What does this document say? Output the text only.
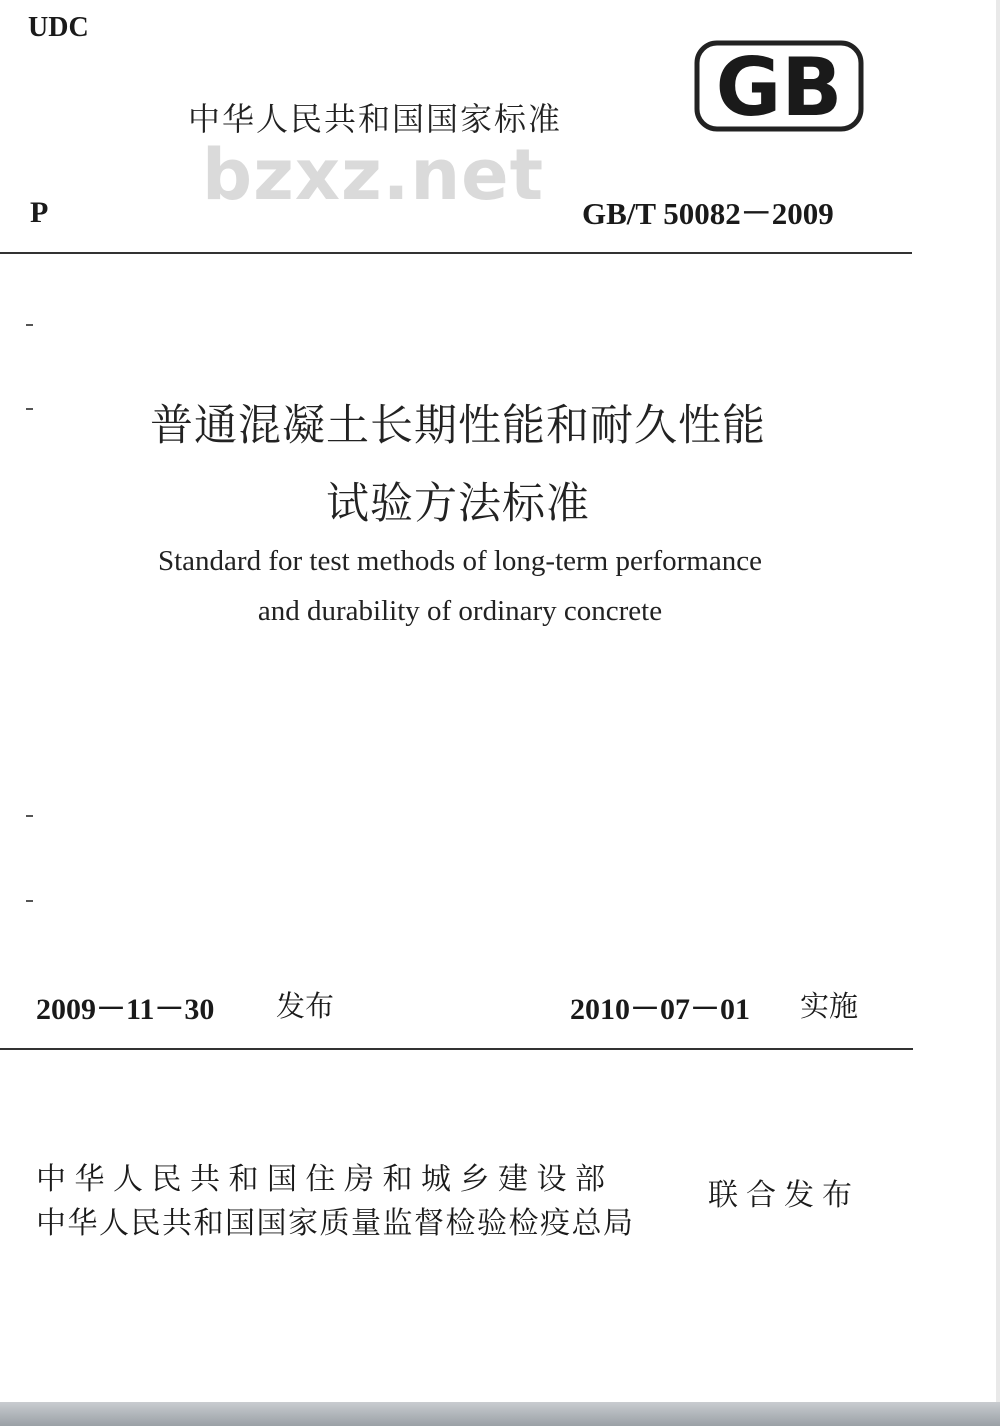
UDC
中华人民共和国国家标准 GB
bzxz.net
P	GB/T 50082－2009
普通混凝土长期性能和耐久性能
试验方法标准
Standard for test methods of long-term performance
and durability of ordinary concrete
2009－11－30 发布	2010－07－01 实施
中华人民共和国住房和城乡建设部
中华人民共和国国家质量监督检验检疫总局
联合发布
